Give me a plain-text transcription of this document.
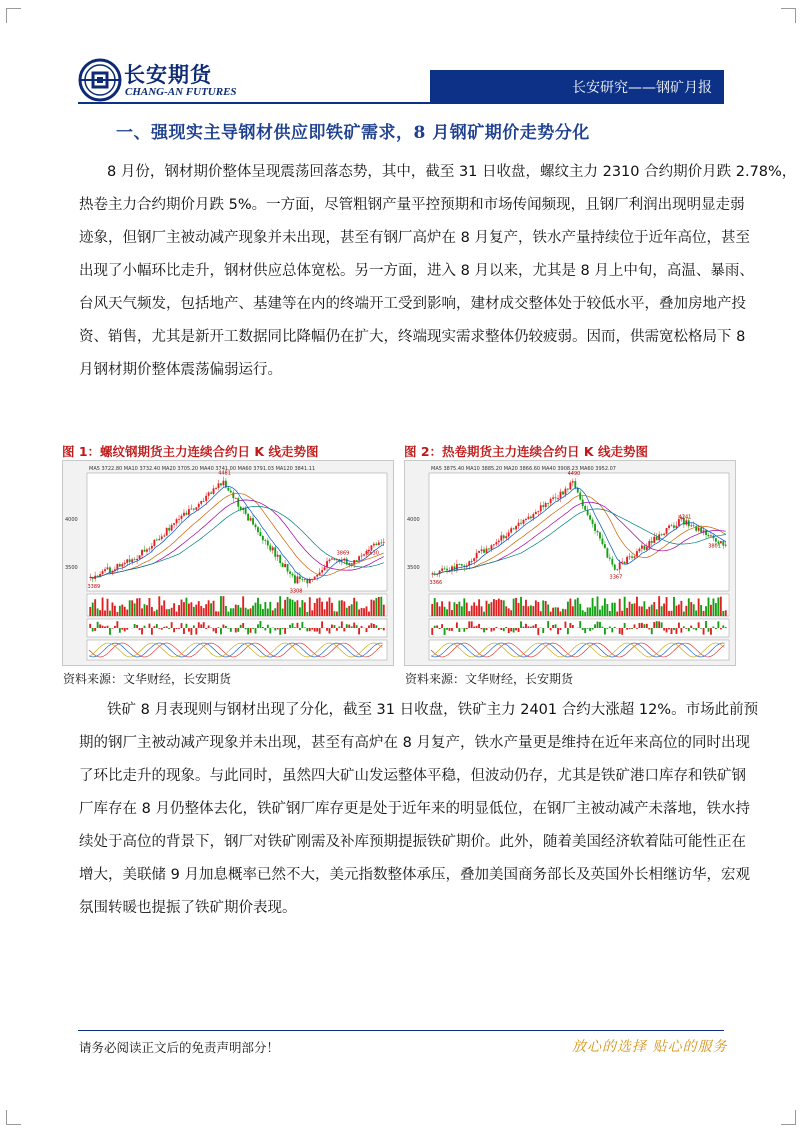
长安期货
CHANG-AN FUTURES	长安研究——钢矿月报
一、强现实主导钢材供应即铁矿需求，8 月钢矿期价走势分化
8 月份，钢材期价整体呈现震荡回落态势，其中，截至 31 日收盘，螺纹主力 2310 合约期价月跌 2.78%，
热卷主力合约期价月跌 5%。一方面，尽管粗钢产量平控预期和市场传闻频现，且钢厂利润出现明显走弱
迹象，但钢厂主被动减产现象并未出现，甚至有钢厂高炉在 8 月复产，铁水产量持续位于近年高位，甚至
出现了小幅环比走升，钢材供应总体宽松。另一方面，进入 8 月以来，尤其是 8 月上中旬，高温、暴雨、
台风天气频发，包括地产、基建等在内的终端开工受到影响，建材成交整体处于较低水平，叠加房地产投
资、销售，尤其是新开工数据同比降幅仍在扩大，终端现实需求整体仍较疲弱。因而，供需宽松格局下 8
月钢材期价整体震荡偏弱运行。
图 1：螺纹钢期货主力连续合约日 K 线走势图
MA5 3722.80 MA10 3732.40 MA20 3705.20 MA40 3741.00 MA60 3791.03 MA120 3841.11
4000
3500
4481
3389
3308
3869	3630
资料来源：文华财经，长安期货
图 2：热卷期货主力连续合约日 K 线走势图
MA5 3875.40 MA10 3885.20 MA20 3866.60 MA40 3908.23 MA60 3952.07
4000
3500
4490
3366
3367
4241
3801
资料来源：文华财经，长安期货
铁矿 8 月表现则与钢材出现了分化，截至 31 日收盘，铁矿主力 2401 合约大涨超 12%。市场此前预
期的钢厂主被动减产现象并未出现，甚至有高炉在 8 月复产，铁水产量更是维持在近年来高位的同时出现
了环比走升的现象。与此同时，虽然四大矿山发运整体平稳，但波动仍存，尤其是铁矿港口库存和铁矿钢
厂库存在 8 月仍整体去化，铁矿钢厂库存更是处于近年来的明显低位，在钢厂主被动减产未落地，铁水持
续处于高位的背景下，钢厂对铁矿刚需及补库预期提振铁矿期价。此外，随着美国经济软着陆可能性正在
增大，美联储 9 月加息概率已然不大，美元指数整体承压，叠加美国商务部长及英国外长相继访华，宏观
氛围转暖也提振了铁矿期价表现。
请务必阅读正文后的免责声明部分！	放心的选择 贴心的服务
